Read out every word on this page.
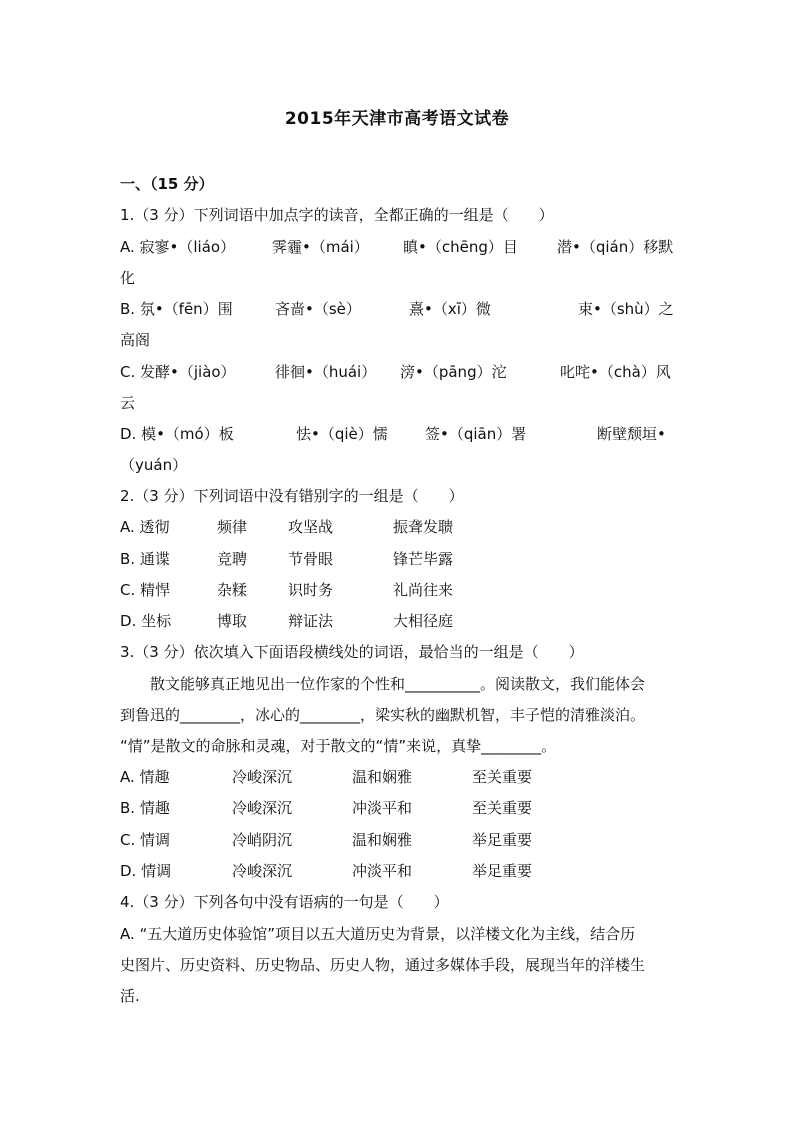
2015年天津市高考语文试卷
一、（15 分）
1.（3 分）下列词语中加点字的读音，全都正确的一组是（　　）
A. 寂寥•（liáo） 霁霾•（mái） 瞋•（chēng）目	潜•（qián）移默
化
B. 氛•（fēn）围	吝啬•（sè）	熹•（xī）微	束•（shù）之
高阁
C. 发酵•（jiào）	徘徊•（huái） 滂•（pāng）沱	叱咤•（chà）风
云
D. 模•（mó）板	怯•（qiè）懦 签•（qiān）署	断壁颓垣•
（yuán）
2.（3 分）下列词语中没有错别字的一组是（　　）
A. 透彻	频律	攻坚战	振聋发聩
B. 通谍	竞聘	节骨眼	锋芒毕露
C. 精悍	杂糅	识时务	礼尚往来
D. 坐标	博取	辩证法	大相径庭
3.（3 分）依次填入下面语段横线处的词语，最恰当的一组是（　　）
散文能够真正地见出一位作家的个性和__________。阅读散文，我们能体会
到鲁迅的________，冰心的________，梁实秋的幽默机智，丰子恺的清雅淡泊。
“情”是散文的命脉和灵魂，对于散文的“情”来说，真挚________。
A. 情趣	冷峻深沉	温和娴雅	至关重要
B. 情趣	冷峻深沉	冲淡平和	至关重要
C. 情调	冷峭阴沉	温和娴雅	举足重要
D. 情调	冷峻深沉	冲淡平和	举足重要
4.（3 分）下列各句中没有语病的一句是（　　）
A. “五大道历史体验馆”项目以五大道历史为背景，以洋楼文化为主线，结合历
史图片、历史资料、历史物品、历史人物，通过多媒体手段，展现当年的洋楼生
活.
